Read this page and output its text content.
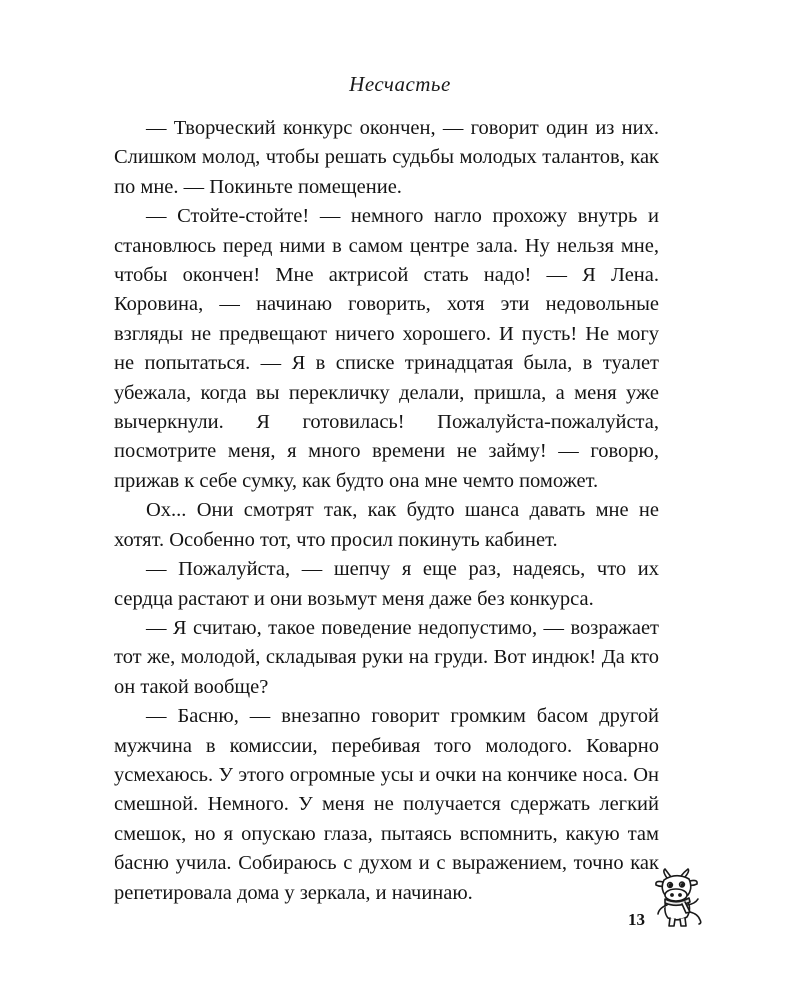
Несчастье

— Творческий конкурс окончен, — говорит один из них. Слишком молод, чтобы решать судьбы молодых талантов, как по мне. — Покиньте помещение.

— Стойте-стойте! — немного нагло прохожу внутрь и становлюсь перед ними в самом центре зала. Ну нельзя мне, чтобы окончен! Мне актрисой стать надо! — Я Лена. Коровина, — начинаю говорить, хотя эти недовольные взгляды не предвещают ничего хорошего. И пусть! Не могу не попытаться. — Я в списке тринадцатая была, в туалет убежала, когда вы перекличку делали, пришла, а меня уже вычеркнули. Я готовилась! Пожалуйста-пожалуйста, посмотрите меня, я много времени не займу! — говорю, прижав к себе сумку, как будто она мне чемто поможет.

Ох... Они смотрят так, как будто шанса давать мне не хотят. Особенно тот, что просил покинуть кабинет.

— Пожалуйста, — шепчу я еще раз, надеясь, что их сердца растают и они возьмут меня даже без конкурса.

— Я считаю, такое поведение недопустимо, — возражает тот же, молодой, складывая руки на груди. Вот индюк! Да кто он такой вообще?

— Басню, — внезапно говорит громким басом другой мужчина в комиссии, перебивая того молодого. Коварно усмехаюсь. У этого огромные усы и очки на кончике носа. Он смешной. Немного. У меня не получается сдержать легкий смешок, но я опускаю глаза, пытаясь вспомнить, какую там басню учила. Собираюсь с духом и с выражением, точно как репетировала дома у зеркала, и начинаю.

13
